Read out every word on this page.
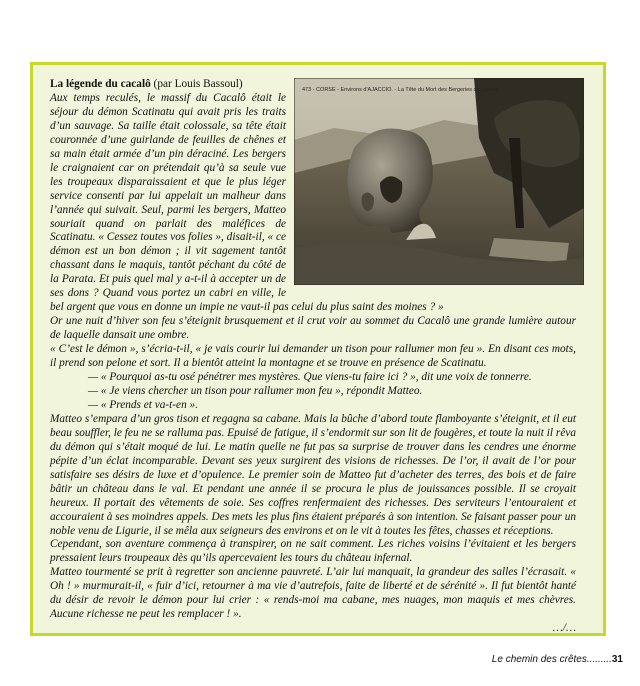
473 - CORSE - Environs d'AJACCIO. - La Tête du Mort des Bergeries du Cacalô

La légende du cacalô (par Louis Bassoul)
Aux temps reculés, le massif du Cacalô était le séjour du démon Scatinatu qui avait pris les traits d’un sauvage. Sa taille était colossale, sa tête était couronnée d’une guirlande de feuilles de chênes et sa main était armée d’un pin déraciné. Les bergers le craignaient car on prétendait qu’à sa seule vue les troupeaux disparaissaient et que le plus léger service consenti par lui appelait un malheur dans l’année qui suivait. Seul, parmi les bergers, Matteo souriait quand on parlait des maléfices de Scatinatu. « Cessez toutes vos folies », disait-il, « ce démon est un bon démon ; il vit sagement tantôt chassant dans le maquis, tantôt péchant du côté de la Parata. Et puis quel mal y a-t-il à accepter un de ses dons ? Quand vous portez un cabri en ville, le bel argent que vous en donne un impie ne vaut-il pas celui du plus saint des moines ? »

Or une nuit d’hiver son feu s’éteignit brusquement et il crut voir au sommet du Cacalô une grande lumière autour de laquelle dansait une ombre.

« C’est le démon », s’écria-t-il, « je vais courir lui demander un tison pour rallumer mon feu ». En disant ces mots, il prend son pelone et sort. Il a bientôt atteint la montagne et se trouve en présence de Scatinatu.

— « Pourquoi as-tu osé pénétrer mes mystères. Que viens-tu faire ici ? », dit une voix de tonnerre.

— « Je viens chercher un tison pour rallumer mon feu », répondit Matteo.

— « Prends et va-t-en ».

Matteo s’empara d’un gros tison et regagna sa cabane. Mais la bûche d’abord toute flamboyante s’éteignit, et il eut beau souffler, le feu ne se ralluma pas. Epuisé de fatigue, il s’endormit sur son lit de fougères, et toute la nuit il rêva du démon qui s’était moqué de lui. Le matin quelle ne fut pas sa surprise de trouver dans les cendres une énorme pépite d’un éclat incomparable. Devant ses yeux surgirent des visions de richesses. De l’or, il avait de l’or pour satisfaire ses désirs de luxe et d’opulence. Le premier soin de Matteo fut d’acheter des terres, des bois et de faire bâtir un château dans le val. Et pendant une année il se procura le plus de jouissances possible. Il se croyait heureux. Il portait des vêtements de soie. Ses coffres renfermaient des richesses. Des serviteurs l’entouraient et accouraient à ses moindres appels. Des mets les plus fins étaient préparés à son intention. Se faisant passer pour un noble venu de Ligurie, il se mêla aux seigneurs des environs et on le vit à toutes les fêtes, chasses et réceptions.

Cependant, son aventure commença à transpirer, on ne sait comment. Les riches voisins l’évitaient et les bergers pressaient leurs troupeaux dès qu’ils apercevaient les tours du château infernal.

Matteo tourmenté se prit à regretter son ancienne pauvreté. L’air lui manquait, la grandeur des salles l’écrasait. « Oh ! » murmurait-il, « fuir d’ici, retourner à ma vie d’autrefois, faite de liberté et de sérénité ». Il fut bientôt hanté du désir de revoir le démon pour lui crier : « rends-moi ma cabane, mes nuages, mon maquis et mes chèvres. Aucune richesse ne peut les remplacer ! ».

…/…

Le chemin des crêtes.........31
